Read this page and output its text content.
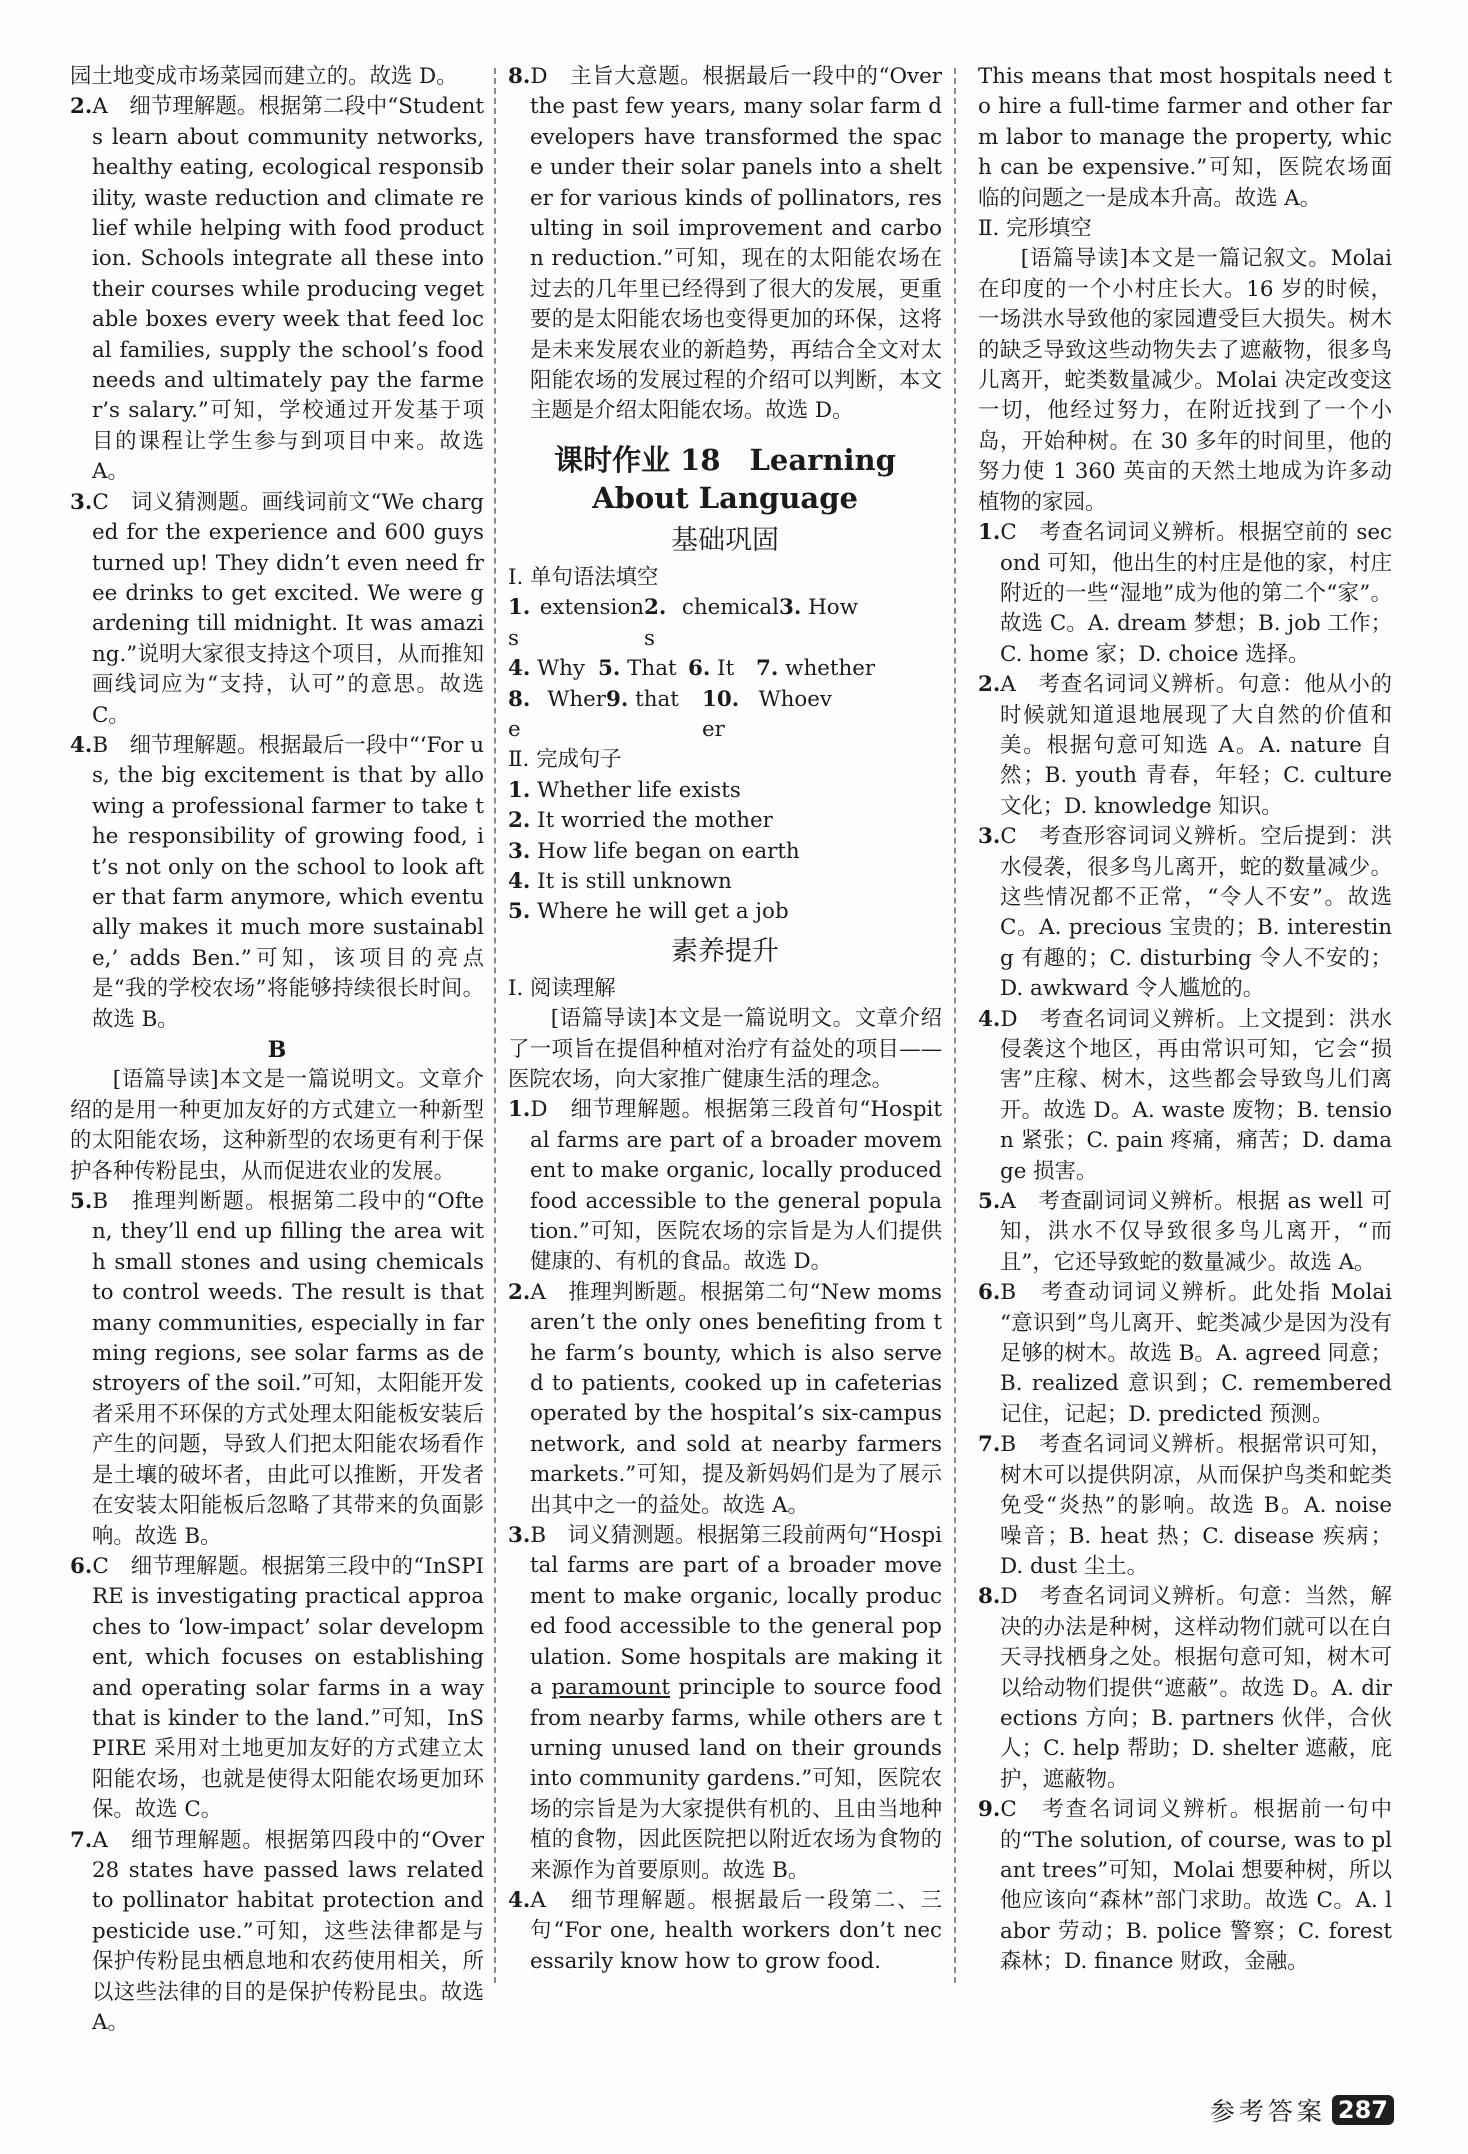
园土地变成市场菜园而建立的。故选 D。

2.A　细节理解题。根据第二段中“Students learn about community networks, healthy eating, ecological responsibility, waste reduction and climate relief while helping with food production. Schools integrate all these into their courses while producing vegetable boxes every week that feed local families, supply the school’s food needs and ultimately pay the farmer’s salary.”可知，学校通过开发基于项目的课程让学生参与到项目中来。故选 A。

3.C　词义猜测题。画线词前文“We charged for the experience and 600 guys turned up! They didn’t even need free drinks to get excited. We were gardening till midnight. It was amazing.”说明大家很支持这个项目，从而推知画线词应为“支持，认可”的意思。故选 C。

4.B　细节理解题。根据最后一段中“‘For us, the big excitement is that by allowing a professional farmer to take the responsibility of growing food, it’s not only on the school to look after that farm anymore, which eventually makes it much more sustainable,’ adds Ben.”可知，该项目的亮点是“我的学校农场”将能够持续很长时间。故选 B。

B

[语篇导读]本文是一篇说明文。文章介绍的是用一种更加友好的方式建立一种新型的太阳能农场，这种新型的农场更有利于保护各种传粉昆虫，从而促进农业的发展。

5.B　推理判断题。根据第二段中的“Often, they’ll end up filling the area with small stones and using chemicals to control weeds. The result is that many communities, especially in farming regions, see solar farms as destroyers of the soil.”可知，太阳能开发者采用不环保的方式处理太阳能板安装后产生的问题，导致人们把太阳能农场看作是土壤的破坏者，由此可以推断，开发者在安装太阳能板后忽略了其带来的负面影响。故选 B。

6.C　细节理解题。根据第三段中的“InSPIRE is investigating practical approaches to ‘low-impact’ solar development, which focuses on establishing and operating solar farms in a way that is kinder to the land.”可知，InSPIRE 采用对土地更加友好的方式建立太阳能农场，也就是使得太阳能农场更加环保。故选 C。

7.A　细节理解题。根据第四段中的“Over 28 states have passed laws related to pollinator habitat protection and pesticide use.”可知，这些法律都是与保护传粉昆虫栖息地和农药使用相关，所以这些法律的目的是保护传粉昆虫。故选 A。

8.D　主旨大意题。根据最后一段中的“Over the past few years, many solar farm developers have transformed the space under their solar panels into a shelter for various kinds of pollinators, resulting in soil improvement and carbon reduction.”可知，现在的太阳能农场在过去的几年里已经得到了很大的发展，更重要的是太阳能农场也变得更加的环保，这将是未来发展农业的新趋势，再结合全文对太阳能农场的发展过程的介绍可以判断，本文主题是介绍太阳能农场。故选 D。

课时作业 18　Learning
About Language
基础巩固

Ⅰ. 单句语法填空

1. extensions
2. chemicals
3. How
4. Why 5. That 6. It	7. whether
8. Where
9. that	10. Whoever

Ⅱ. 完成句子

1. Whether life exists

2. It worried the mother

3. How life began on earth

4. It is still unknown

5. Where he will get a job

素养提升

Ⅰ. 阅读理解

[语篇导读]本文是一篇说明文。文章介绍了一项旨在提倡种植对治疗有益处的项目——医院农场，向大家推广健康生活的理念。

1.D　细节理解题。根据第三段首句“Hospital farms are part of a broader movement to make organic, locally produced food accessible to the general population.”可知，医院农场的宗旨是为人们提供健康的、有机的食品。故选 D。

2.A　推理判断题。根据第二句“New moms aren’t the only ones benefiting from the farm’s bounty, which is also served to patients, cooked up in cafeterias operated by the hospital’s six-campus network, and sold at nearby farmers markets.”可知，提及新妈妈们是为了展示出其中之一的益处。故选 A。

3.B　词义猜测题。根据第三段前两句“Hospital farms are part of a broader movement to make organic, locally produced food accessible to the general population. Some hospitals are making it a paramount principle to source food from nearby farms, while others are turning unused land on their grounds into community gardens.”可知，医院农场的宗旨是为大家提供有机的、且由当地种植的食物，因此医院把以附近农场为食物的来源作为首要原则。故选 B。

4.A　细节理解题。根据最后一段第二、三句“For one, health workers don’t necessarily know how to grow food.

This means that most hospitals need to hire a full-time farmer and other farm labor to manage the property, which can be expensive.”可知，医院农场面临的问题之一是成本升高。故选 A。

Ⅱ. 完形填空

[语篇导读]本文是一篇记叙文。Molai 在印度的一个小村庄长大。16 岁的时候，一场洪水导致他的家园遭受巨大损失。树木的缺乏导致这些动物失去了遮蔽物，很多鸟儿离开，蛇类数量减少。Molai 决定改变这一切，他经过努力，在附近找到了一个小岛，开始种树。在 30 多年的时间里，他的努力使 1 360 英亩的天然土地成为许多动植物的家园。

1.C　考查名词词义辨析。根据空前的 second 可知，他出生的村庄是他的家，村庄附近的一些“湿地”成为他的第二个“家”。故选 C。A. dream 梦想；B. job 工作；C. home 家；D. choice 选择。

2.A　考查名词词义辨析。句意：他从小的时候就知道退地展现了大自然的价值和美。根据句意可知选 A。A. nature 自然；B. youth 青春，年轻；C. culture 文化；D. knowledge 知识。

3.C　考查形容词词义辨析。空后提到：洪水侵袭，很多鸟儿离开，蛇的数量减少。这些情况都不正常，“令人不安”。故选 C。A. precious 宝贵的；B. interesting 有趣的；C. disturbing 令人不安的；D. awkward 令人尴尬的。

4.D　考查名词词义辨析。上文提到：洪水侵袭这个地区，再由常识可知，它会“损害”庄稼、树木，这些都会导致鸟儿们离开。故选 D。A. waste 废物；B. tension 紧张；C. pain 疼痛，痛苦；D. damage 损害。

5.A　考查副词词义辨析。根据 as well 可知，洪水不仅导致很多鸟儿离开，“而且”，它还导致蛇的数量减少。故选 A。

6.B　考查动词词义辨析。此处指 Molai “意识到”鸟儿离开、蛇类减少是因为没有足够的树木。故选 B。A. agreed 同意；B. realized 意识到；C. remembered 记住，记起；D. predicted 预测。

7.B　考查名词词义辨析。根据常识可知，树木可以提供阴凉，从而保护鸟类和蛇类免受“炎热”的影响。故选 B。A. noise 噪音；B. heat 热；C. disease 疾病；D. dust 尘土。

8.D　考查名词词义辨析。句意：当然，解决的办法是种树，这样动物们就可以在白天寻找栖身之处。根据句意可知，树木可以给动物们提供“遮蔽”。故选 D。A. directions 方向；B. partners 伙伴，合伙人；C. help 帮助；D. shelter 遮蔽，庇护，遮蔽物。

9.C　考查名词词义辨析。根据前一句中的“The solution, of course, was to plant trees”可知，Molai 想要种树，所以他应该向“森林”部门求助。故选 C。A. labor 劳动；B. police 警察；C. forest 森林；D. finance 财政，金融。

参考答案 287
